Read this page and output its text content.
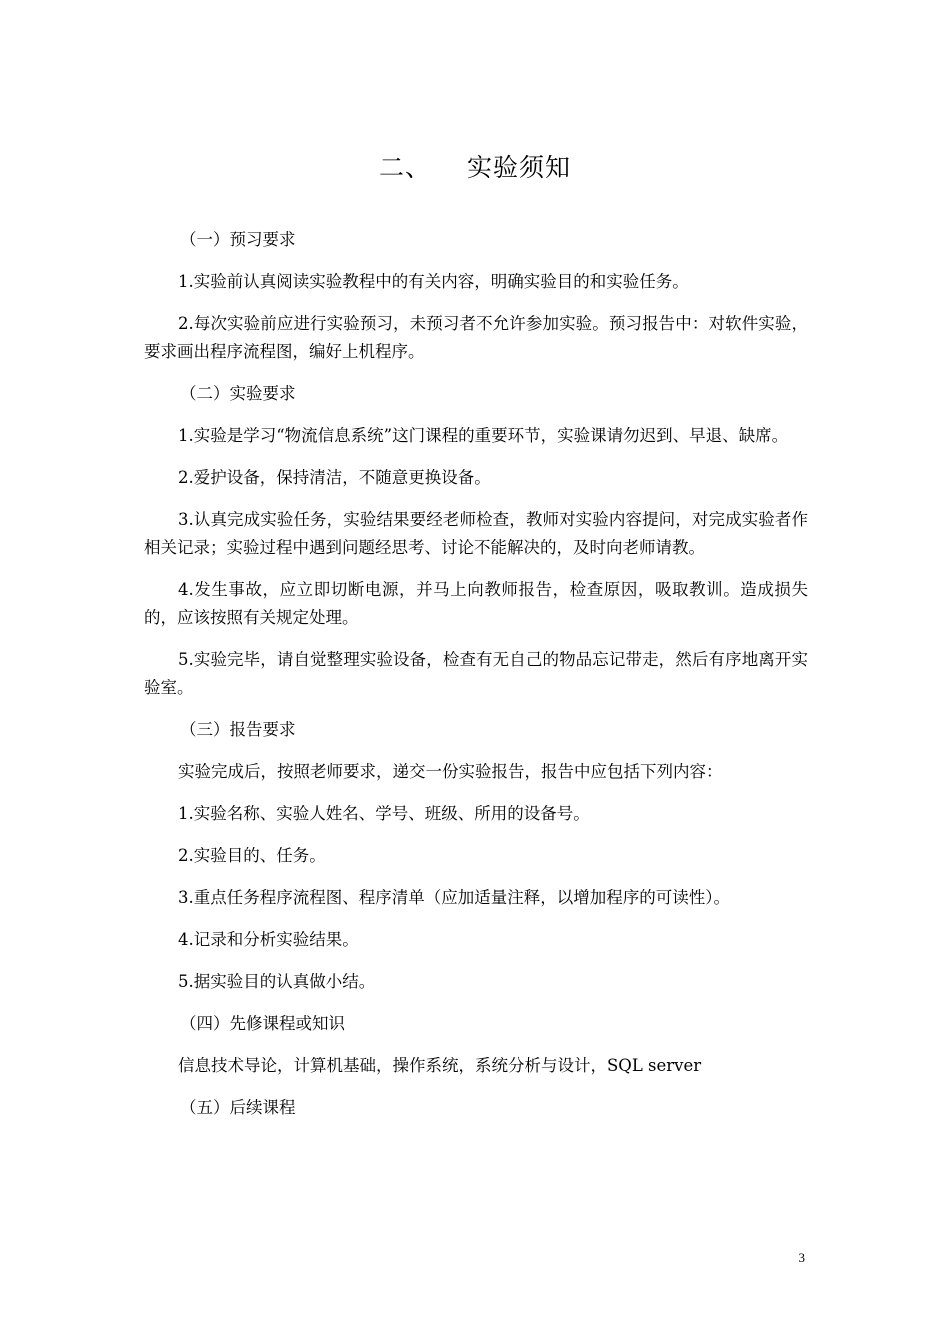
二、 实验须知

（一）预习要求

1.实验前认真阅读实验教程中的有关内容，明确实验目的和实验任务。

2.每次实验前应进行实验预习，未预习者不允许参加实验。预习报告中：对软件实验，要求画出程序流程图，编好上机程序。

（二）实验要求

1.实验是学习“物流信息系统”这门课程的重要环节，实验课请勿迟到、早退、缺席。

2.爱护设备，保持清洁，不随意更换设备。

3.认真完成实验任务，实验结果要经老师检查，教师对实验内容提问，对完成实验者作相关记录；实验过程中遇到问题经思考、讨论不能解决的，及时向老师请教。

4.发生事故，应立即切断电源，并马上向教师报告，检查原因，吸取教训。造成损失的，应该按照有关规定处理。

5.实验完毕，请自觉整理实验设备，检查有无自己的物品忘记带走，然后有序地离开实验室。

（三）报告要求

实验完成后，按照老师要求，递交一份实验报告，报告中应包括下列内容：

1.实验名称、实验人姓名、学号、班级、所用的设备号。

2.实验目的、任务。

3.重点任务程序流程图、程序清单（应加适量注释，以增加程序的可读性）。

4.记录和分析实验结果。

5.据实验目的认真做小结。

（四）先修课程或知识

信息技术导论，计算机基础，操作系统，系统分析与设计，SQL server

（五）后续课程

3
